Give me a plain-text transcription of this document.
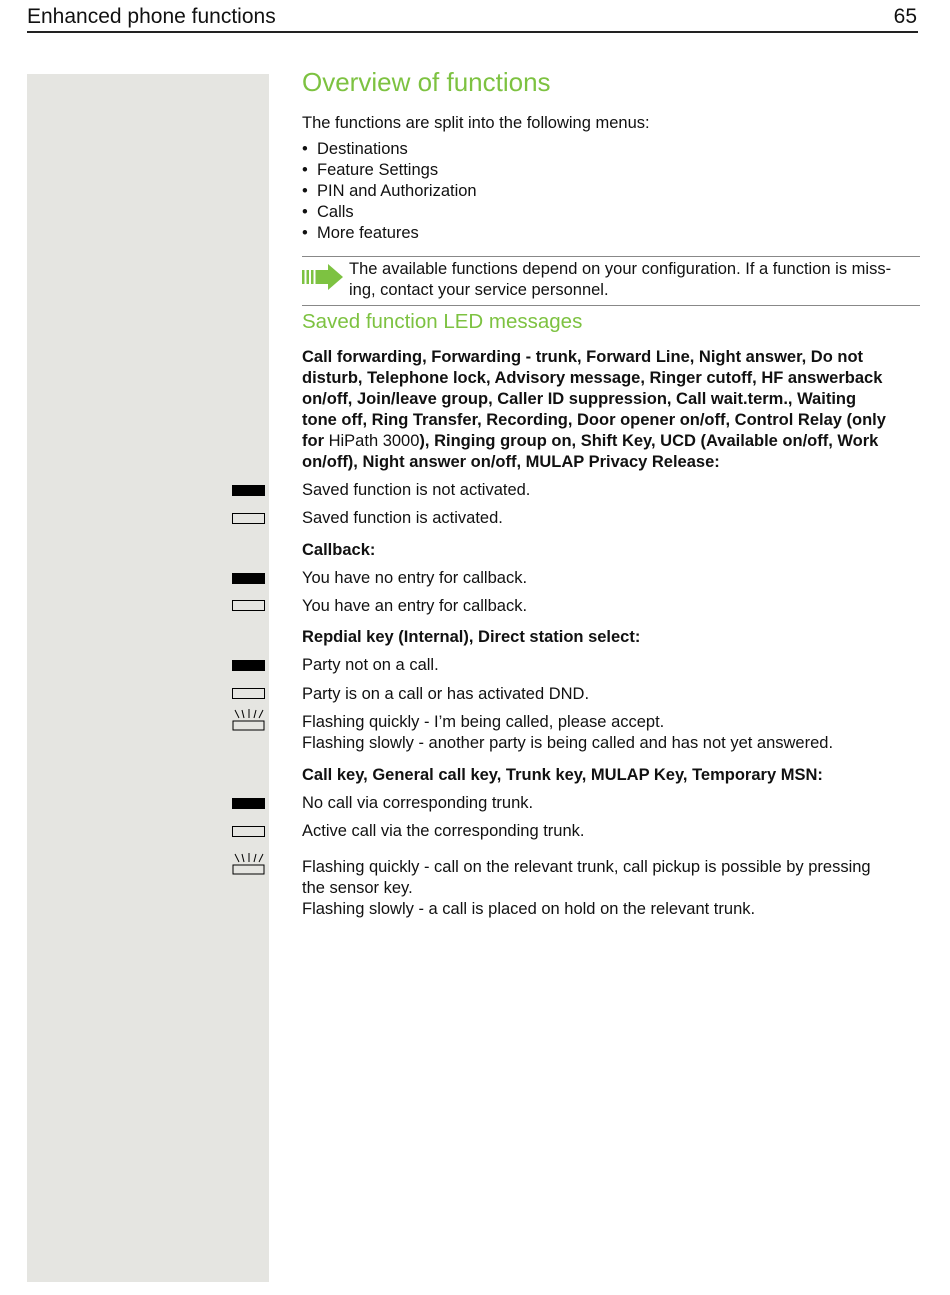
Enhanced phone functions	65
Overview of functions
The functions are split into the following menus:
• Destinations
• Feature Settings
• PIN and Authorization
• Calls
• More features
The available functions depend on your configuration. If a function is miss-
ing, contact your service personnel.
Saved function LED messages
Call forwarding, Forwarding - trunk, Forward Line, Night answer, Do not
disturb, Telephone lock, Advisory message, Ringer cutoff, HF answerback
on/off, Join/leave group, Caller ID suppression, Call wait.term., Waiting
tone off, Ring Transfer, Recording, Door opener on/off, Control Relay (only
for HiPath 3000), Ringing group on, Shift Key, UCD (Available on/off, Work
on/off), Night answer on/off, MULAP Privacy Release:
Saved function is not activated.
Saved function is activated.
Callback:
You have no entry for callback.
You have an entry for callback.
Repdial key (Internal), Direct station select:
Party not on a call.
Party is on a call or has activated DND.
Flashing quickly - I’m being called, please accept.
Flashing slowly - another party is being called and has not yet answered.
Call key, General call key, Trunk key, MULAP Key, Temporary MSN:
No call via corresponding trunk.
Active call via the corresponding trunk.
Flashing quickly - call on the relevant trunk, call pickup is possible by pressing
the sensor key.
Flashing slowly - a call is placed on hold on the relevant trunk.
